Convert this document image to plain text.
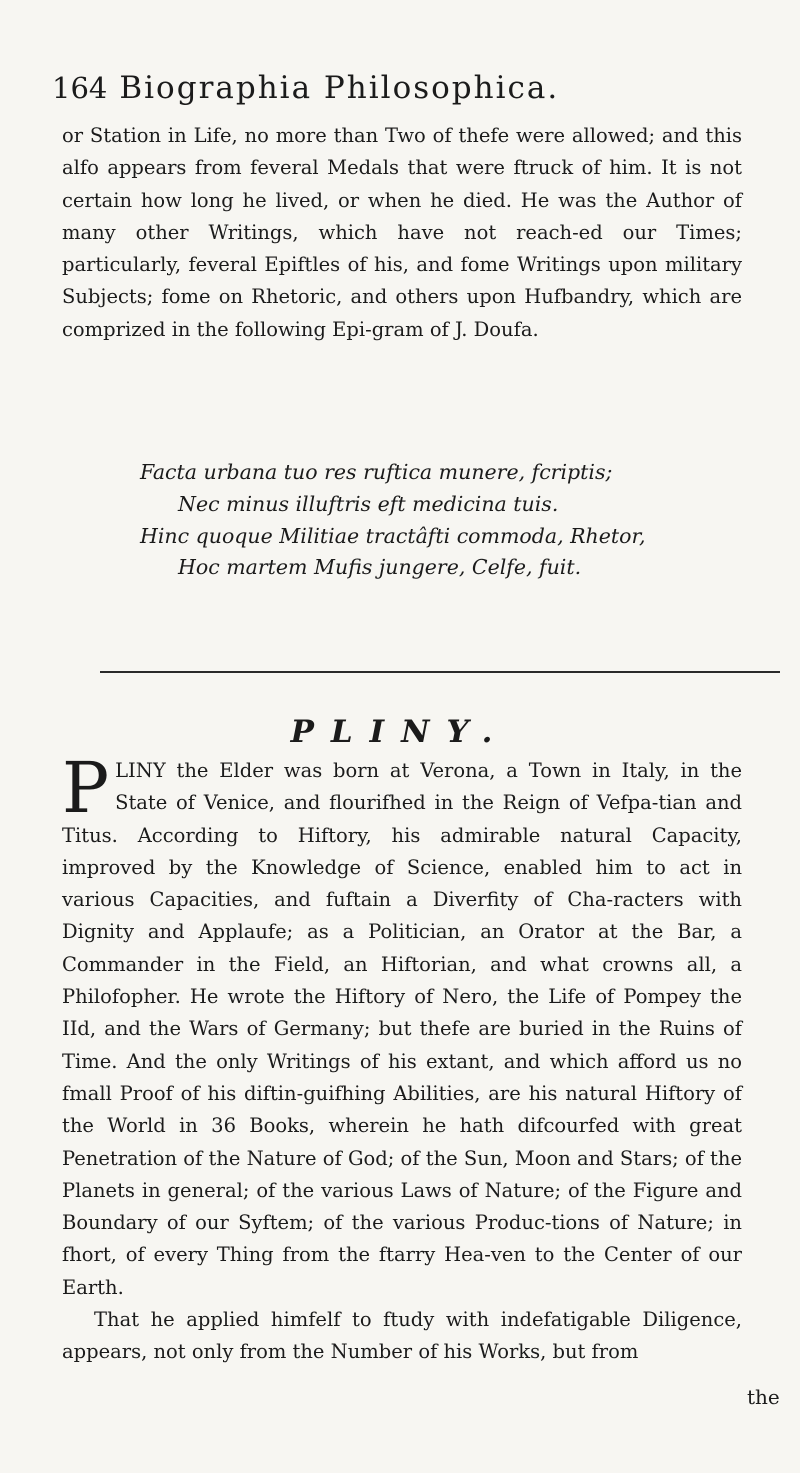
164 Biographia Philosophica.

or Station in Life, no more than Two of thefe were allowed; and this alfo appears from feveral Medals that were ftruck of him. It is not certain how long he lived, or when he died. He was the Author of many other Writings, which have not reach-ed our Times; particularly, feveral Epiftles of his, and fome Writings upon military Subjects; fome on Rhetoric, and others upon Hufbandry, which are comprized in the following Epi-gram of J. Doufa.

Facta urbana tuo res ruftica munere, fcriptis;
Nec minus illuftris eft medicina tuis.
Hinc quoque Militiae tractâfti commoda, Rhetor,
Hoc martem Mufis jungere, Celfe, fuit.
PLINY.

PLINY the Elder was born at Verona, a Town in Italy, in the State of Venice, and flourifhed in the Reign of Vefpa-tian and Titus. According to Hiftory, his admirable natural Capacity, improved by the Knowledge of Science, enabled him to act in various Capacities, and fuftain a Diverfity of Cha-racters with Dignity and Applaufe; as a Politician, an Orator at the Bar, a Commander in the Field, an Hiftorian, and what crowns all, a Philofopher. He wrote the Hiftory of Nero, the Life of Pompey the IId, and the Wars of Germany; but thefe are buried in the Ruins of Time. And the only Writings of his extant, and which afford us no fmall Proof of his diftin-guifhing Abilities, are his natural Hiftory of the World in 36 Books, wherein he hath difcourfed with great Penetration of the Nature of God; of the Sun, Moon and Stars; of the Planets in general; of the various Laws of Nature; of the Figure and Boundary of our Syftem; of the various Produc-tions of Nature; in fhort, of every Thing from the ftarry Hea-ven to the Center of our Earth.

That he applied himfelf to ftudy with indefatigable Diligence, appears, not only from the Number of his Works, but from

the
